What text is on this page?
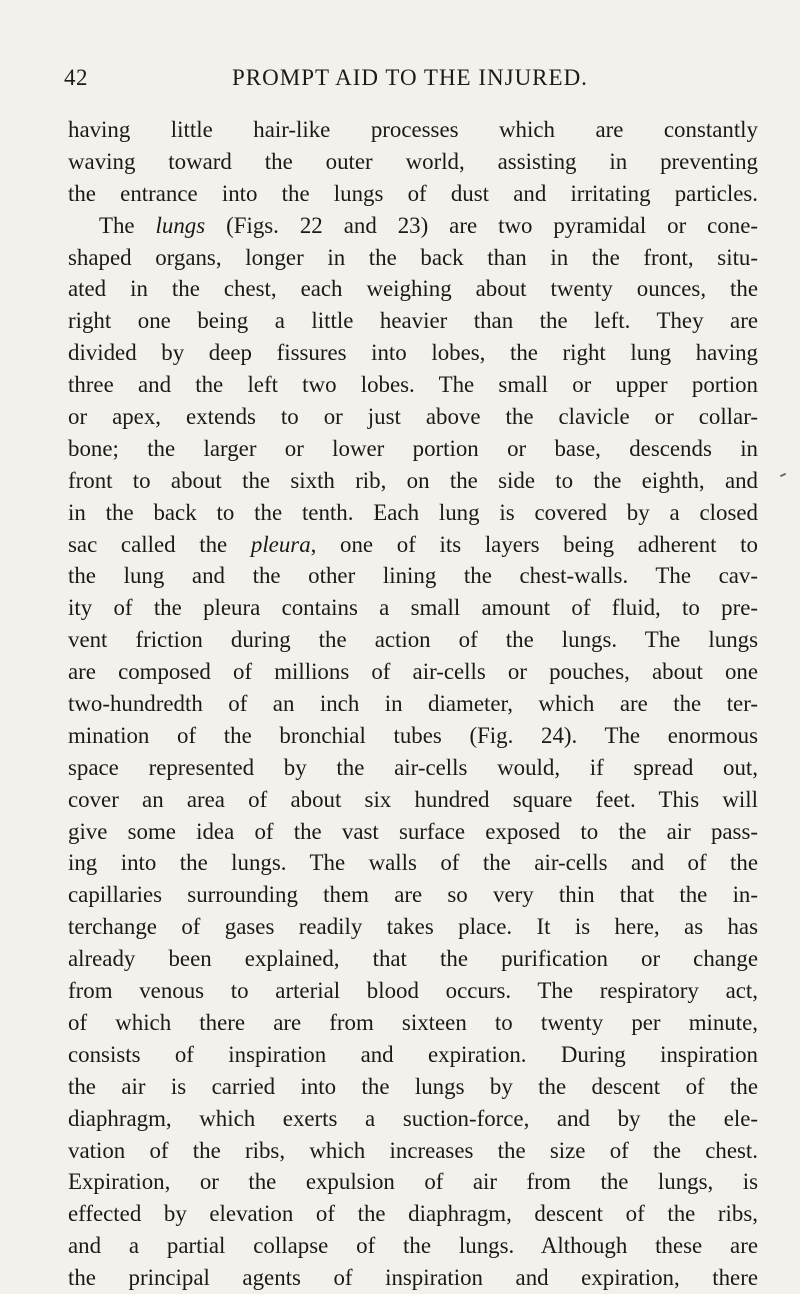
42	PROMPT AID TO THE INJURED.
having little hair-like processes which are constantly
waving toward the outer world, assisting in preventing
the entrance into the lungs of dust and irritating particles.
The lungs (Figs. 22 and 23) are two pyramidal or cone-
shaped organs, longer in the back than in the front, situ-
ated in the chest, each weighing about twenty ounces, the
right one being a little heavier than the left. They are
divided by deep fissures into lobes, the right lung having
three and the left two lobes. The small or upper portion
or apex, extends to or just above the clavicle or collar-
bone; the larger or lower portion or base, descends in
front to about the sixth rib, on the side to the eighth, and
in the back to the tenth. Each lung is covered by a closed
sac called the pleura, one of its layers being adherent to
the lung and the other lining the chest-walls. The cav-
ity of the pleura contains a small amount of fluid, to pre-
vent friction during the action of the lungs. The lungs
are composed of millions of air-cells or pouches, about one
two-hundredth of an inch in diameter, which are the ter-
mination of the bronchial tubes (Fig. 24). The enormous
space represented by the air-cells would, if spread out,
cover an area of about six hundred square feet. This will
give some idea of the vast surface exposed to the air pass-
ing into the lungs. The walls of the air-cells and of the
capillaries surrounding them are so very thin that the in-
terchange of gases readily takes place. It is here, as has
already been explained, that the purification or change
from venous to arterial blood occurs. The respiratory act,
of which there are from sixteen to twenty per minute,
consists of inspiration and expiration. During inspiration
the air is carried into the lungs by the descent of the
diaphragm, which exerts a suction-force, and by the ele-
vation of the ribs, which increases the size of the chest.
Expiration, or the expulsion of air from the lungs, is
effected by elevation of the diaphragm, descent of the ribs,
and a partial collapse of the lungs. Although these are
the principal agents of inspiration and expiration, there
